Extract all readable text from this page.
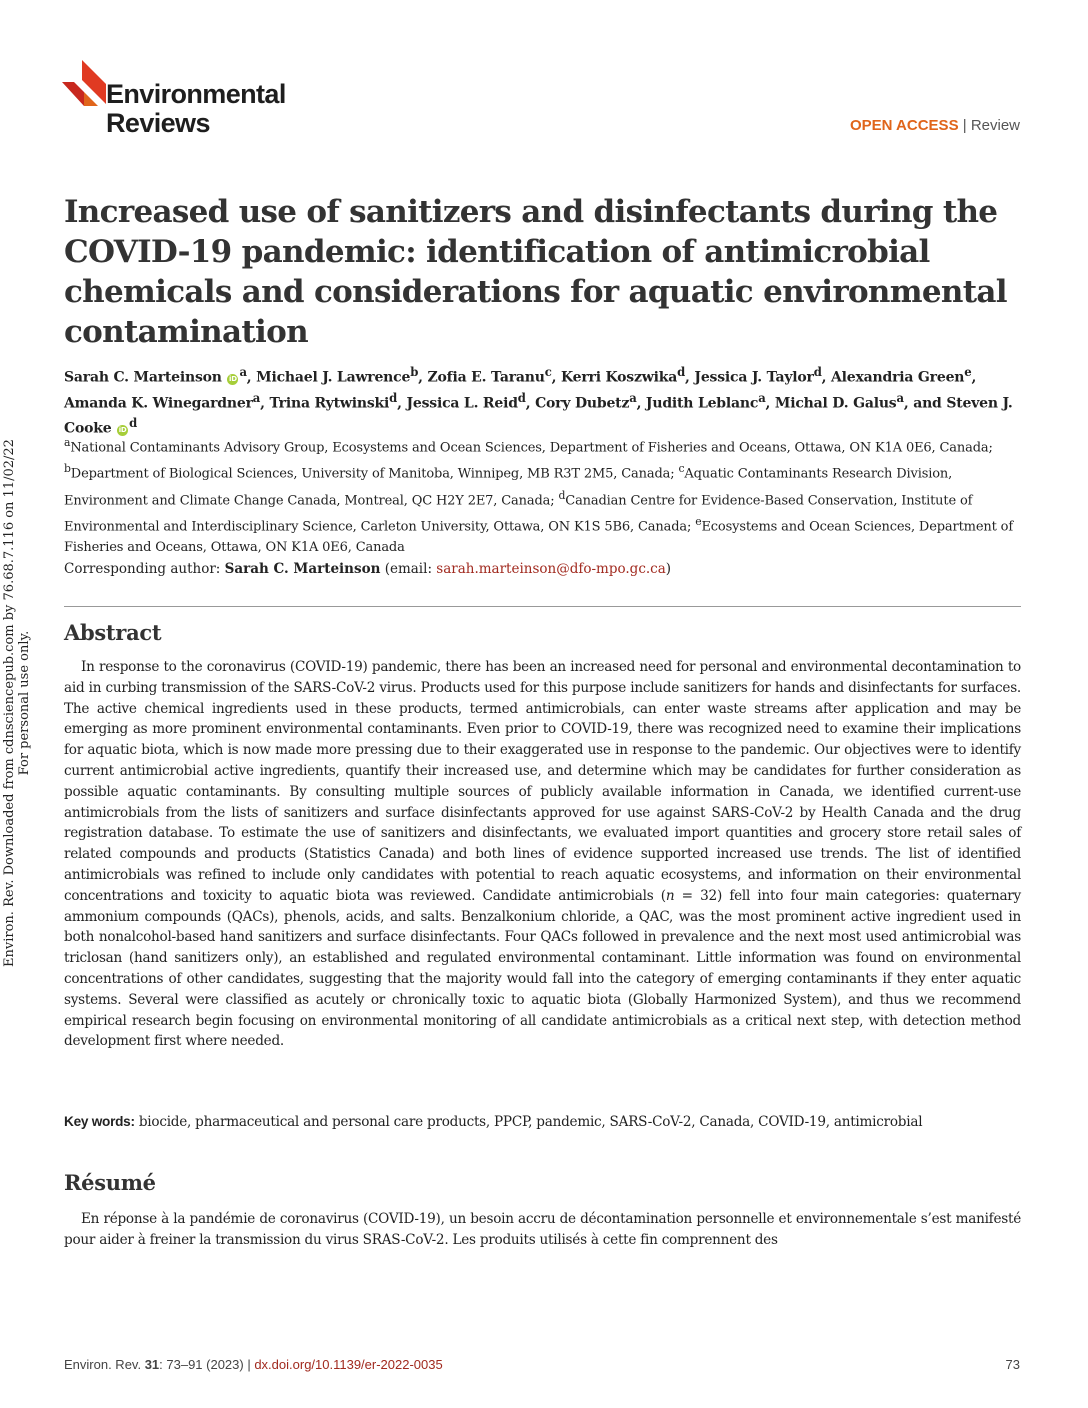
Environmental
Reviews	OPEN ACCESS | Review
Increased use of sanitizers and disinfectants during the COVID-19 pandemic: identification of antimicrobial chemicals and considerations for aquatic environmental contamination
Sarah C. Marteinson iD $^a$, Michael J. Lawrence$^b$, Zofia E. Taranu$^c$, Kerri Koszwika$^d$, Jessica J. Taylor$^d$, Alexandria Green$^e$, Amanda K. Winegardner$^a$, Trina Rytwinski$^d$, Jessica L. Reid$^d$, Cory Dubetz$^a$, Judith Leblanc$^a$, Michal D. Galus$^a$, and Steven J. Cooke iD $^d$
$^a$National Contaminants Advisory Group, Ecosystems and Ocean Sciences, Department of Fisheries and Oceans, Ottawa, ON K1A 0E6, Canada; $^b$Department of Biological Sciences, University of Manitoba, Winnipeg, MB R3T 2M5, Canada; $^c$Aquatic Contaminants Research Division, Environment and Climate Change Canada, Montreal, QC H2Y 2E7, Canada; $^d$Canadian Centre for Evidence-Based Conservation, Institute of Environmental and Interdisciplinary Science, Carleton University, Ottawa, ON K1S 5B6, Canada; $^e$Ecosystems and Ocean Sciences, Department of Fisheries and Oceans, Ottawa, ON K1A 0E6, Canada
Corresponding author: Sarah C. Marteinson (email: sarah.marteinson@dfo-mpo.gc.ca)
Abstract
In response to the coronavirus (COVID-19) pandemic, there has been an increased need for personal and environmental decontamination to aid in curbing transmission of the SARS-CoV-2 virus. Products used for this purpose include sanitizers for hands and disinfectants for surfaces. The active chemical ingredients used in these products, termed antimicrobials, can enter waste streams after application and may be emerging as more prominent environmental contaminants. Even prior to COVID-19, there was recognized need to examine their implications for aquatic biota, which is now made more pressing due to their exaggerated use in response to the pandemic. Our objectives were to identify current antimicrobial active ingredients, quantify their increased use, and determine which may be candidates for further consideration as possible aquatic contaminants. By consulting multiple sources of publicly available information in Canada, we identified current-use antimicrobials from the lists of sanitizers and surface disinfectants approved for use against SARS-CoV-2 by Health Canada and the drug registration database. To estimate the use of sanitizers and disinfectants, we evaluated import quantities and grocery store retail sales of related compounds and products (Statistics Canada) and both lines of evidence supported increased use trends. The list of identified antimicrobials was refined to include only candidates with potential to reach aquatic ecosystems, and information on their environmental concentrations and toxicity to aquatic biota was reviewed. Candidate antimicrobials (n = 32) fell into four main categories: quaternary ammonium compounds (QACs), phenols, acids, and salts. Benzalkonium chloride, a QAC, was the most prominent active ingredient used in both nonalcohol-based hand sanitizers and surface disinfectants. Four QACs followed in prevalence and the next most used antimicrobial was triclosan (hand sanitizers only), an established and regulated environmental contaminant. Little information was found on environmental concentrations of other candidates, suggesting that the majority would fall into the category of emerging contaminants if they enter aquatic systems. Several were classified as acutely or chronically toxic to aquatic biota (Globally Harmonized System), and thus we recommend empirical research begin focusing on environmental monitoring of all candidate antimicrobials as a critical next step, with detection method development first where needed.
Key words: biocide, pharmaceutical and personal care products, PPCP, pandemic, SARS-CoV-2, Canada, COVID-19, antimicrobial
Résumé
En réponse à la pandémie de coronavirus (COVID-19), un besoin accru de décontamination personnelle et environnementale s’est manifesté pour aider à freiner la transmission du virus SRAS-CoV-2. Les produits utilisés à cette fin comprennent des
Environ. Rev. Downloaded from cdnsciencepub.com by 76.68.7.116 on 11/02/22 For personal use only.
Environ. Rev. 31: 73–91 (2023) | dx.doi.org/10.1139/er-2022-0035	73
